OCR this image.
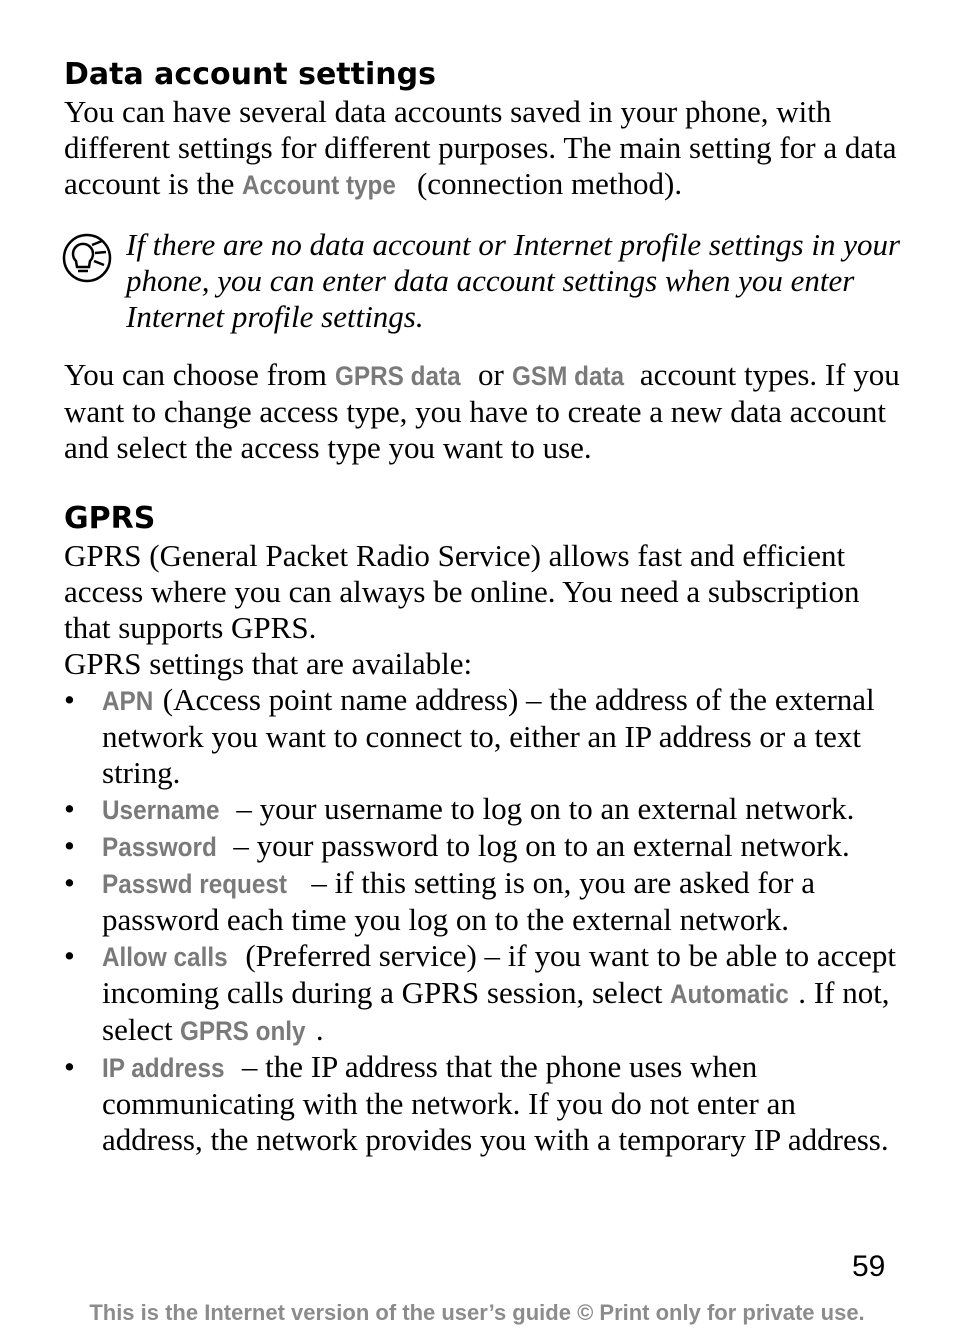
Data account settings

You can have several data accounts saved in your phone, with different settings for different purposes. The main setting for a data account is the Account type (connection method).

If there are no data account or Internet profile settings in your phone, you can enter data account settings when you enter Internet profile settings.

You can choose from GPRS data or GSM data account types. If you want to change access type, you have to create a new data account and select the access type you want to use.

GPRS

GPRS (General Packet Radio Service) allows fast and efficient access where you can always be online. You need a subscription that supports GPRS.

GPRS settings that are available:

• APN (Access point name address) – the address of the external network you want to connect to, either an IP address or a text string.
• Username – your username to log on to an external network.
• Password – your password to log on to an external network.
• Passwd request – if this setting is on, you are asked for a password each time you log on to the external network.
• Allow calls (Preferred service) – if you want to be able to accept incoming calls during a GPRS session, select Automatic . If not, select GPRS only .
• IP address – the IP address that the phone uses when communicating with the network. If you do not enter an address, the network provides you with a temporary IP address.
59
This is the Internet version of the user’s guide © Print only for private use.
